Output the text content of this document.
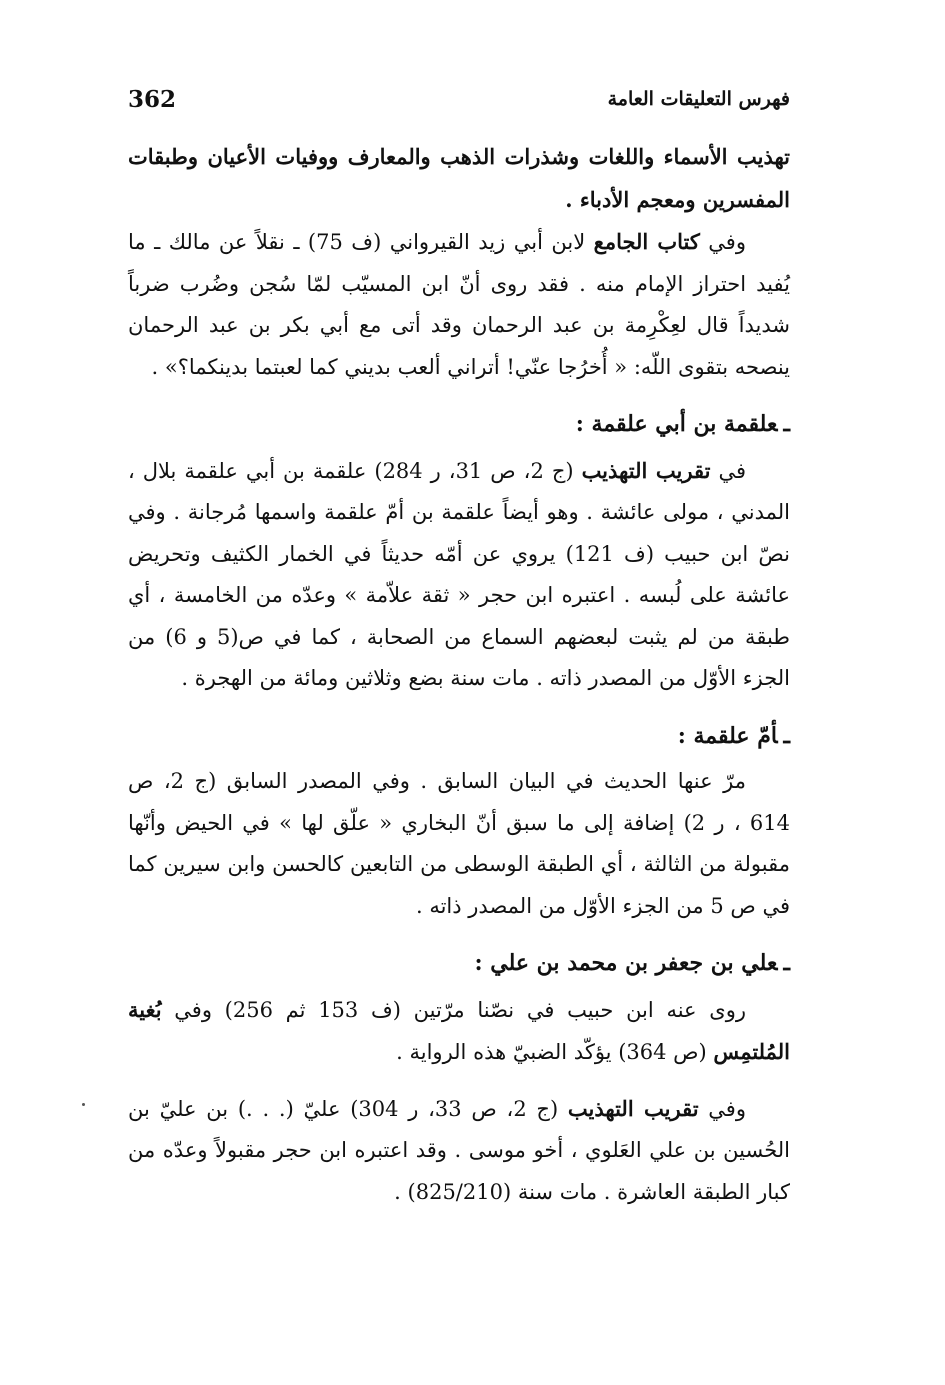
362	فهرس التعليقات العامة

تهذيب الأسماء واللغات وشذرات الذهب والمعارف ووفيات الأعيان وطبقات المفسرين ومعجم الأدباء .

وفي كتاب الجامع لابن أبي زيد القيرواني (ف 75) ـ نقلاً عن مالك ـ ما يُفيد احتراز الإمام منه . فقد روى أنّ ابن المسيّب لمّا سُجن وضُرب ضرباً شديداً قال لعِكْرِمة بن عبد الرحمان وقد أتى مع أبي بكر بن عبد الرحمان ينصحه بتقوى اللّه: « أُخرُجا عنّي! أتراني ألعب بديني كما لعبتما بدينكما؟» .

ـعلقمة بن أبي علقمة :

في تقريب التهذيب (ج 2، ص 31، ر 284) علقمة بن أبي علقمة بلال ، المدني ، مولى عائشة . وهو أيضاً علقمة بن أمّ علقمة واسمها مُرجانة . وفي نصّ ابن حبيب (ف 121) يروي عن أمّه حديثاً في الخمار الكثيف وتحريض عائشة على لُبسه . اعتبره ابن حجر « ثقة علاّمة » وعدّه من الخامسة ، أي طبقة من لم يثبت لبعضهم السماع من الصحابة ، كما في ص(5 و 6) من الجزء الأوّل من المصدر ذاته . مات سنة بضع وثلاثين ومائة من الهجرة .

ـأمّ علقمة :

مرّ عنها الحديث في البيان السابق . وفي المصدر السابق (ج 2، ص 614 ، ر 2) إضافة إلى ما سبق أنّ البخاري « علّق لها » في الحيض وأنّها مقبولة من الثالثة ، أي الطبقة الوسطى من التابعين كالحسن وابن سيرين كما في ص 5 من الجزء الأوّل من المصدر ذاته .

ـعلي بن جعفر بن محمد بن علي :

روى عنه ابن حبيب في نصّنا مرّتين (ف 153 ثم 256) وفي بُغية المُلتمِس (ص 364) يؤكّد الضبيّ هذه الرواية .

وفي تقريب التهذيب (ج 2، ص 33، ر 304) عليّ (. . .) بن عليّ بن الحُسين بن علي العَلوي ، أخو موسى . وقد اعتبره ابن حجر مقبولاً وعدّه من كبار الطبقة العاشرة . مات سنة (825/210) .
